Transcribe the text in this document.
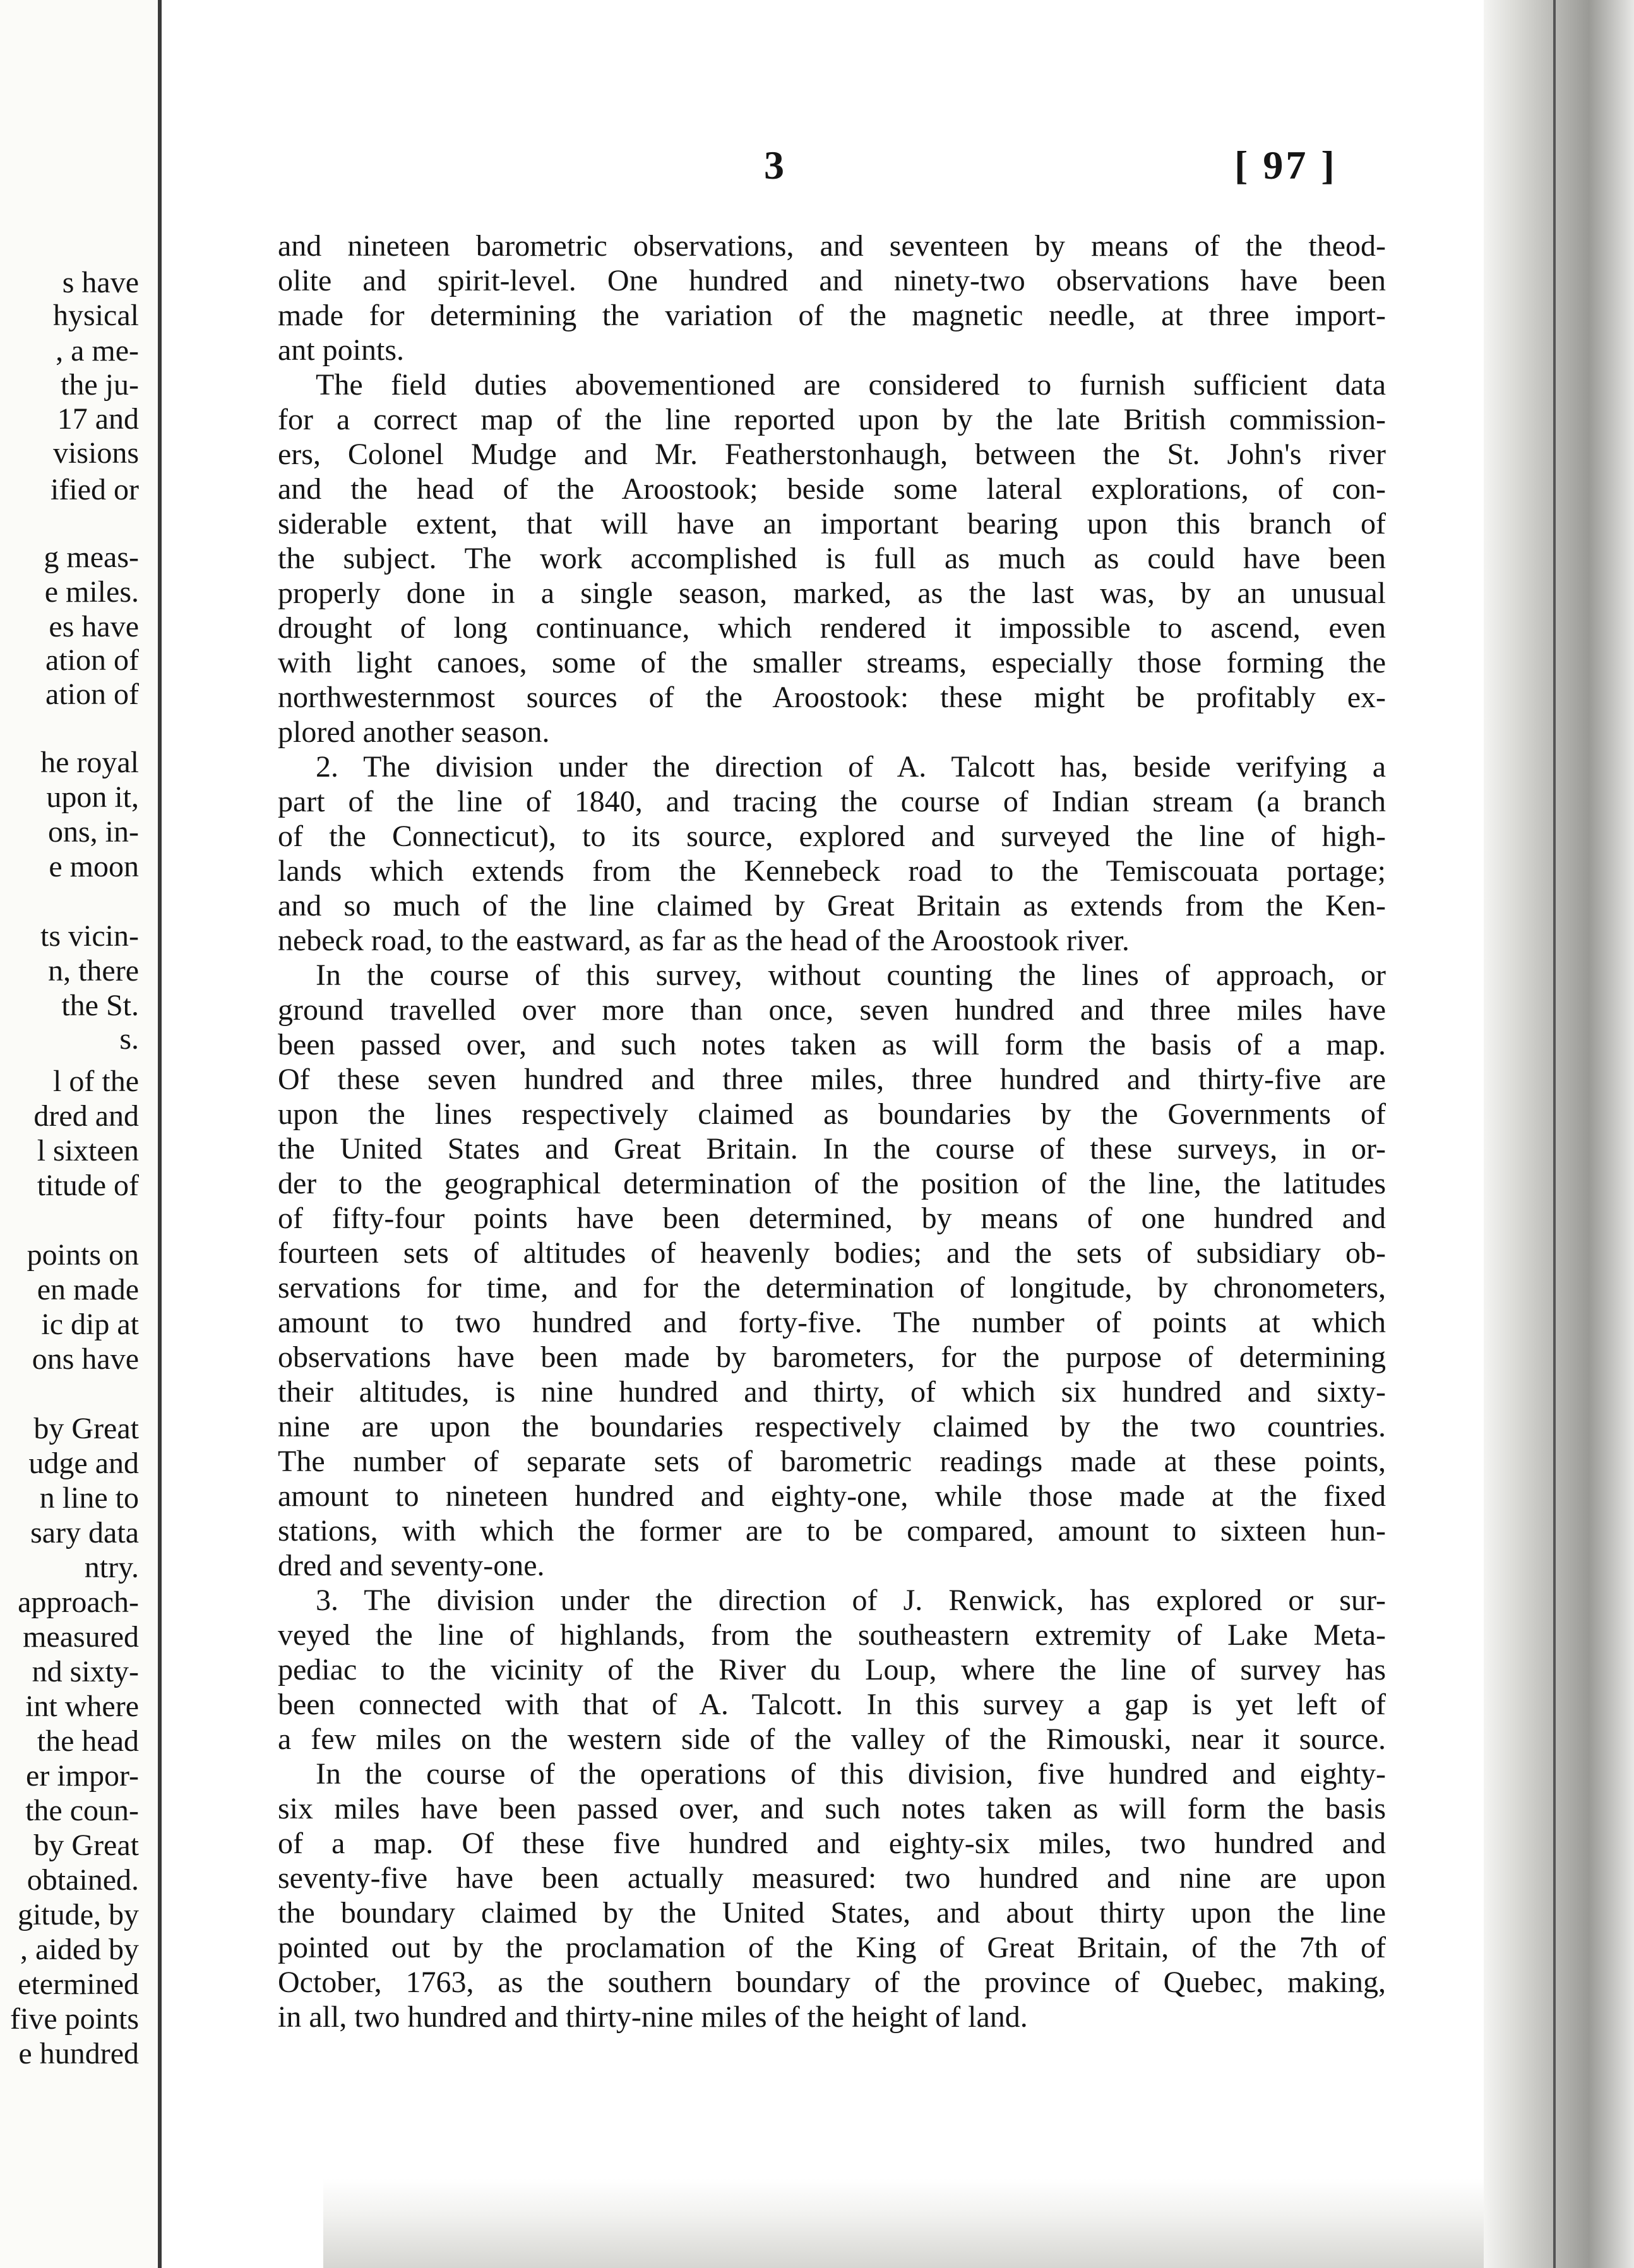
s have
hysical
, a me-
the ju-
17 and
visions
ified or
g meas-
e miles.
es have
ation of
ation of
he royal
upon it,
ons, in-
e moon
ts vicin-
n, there
the St.
s.
l of the
dred and
l sixteen
titude of
points on
en made
ic dip at
ons have
by Great
udge and
n line to
sary data
ntry.
approach-
measured
nd sixty-
int where
the head
er impor-
the coun-
by Great
obtained.
gitude, by
, aided by
etermined
five points
e hundred
3	[ 97 ]
and nineteen barometric observations, and seventeen by means of the theod-
olite and spirit-level. One hundred and ninety-two observations have been
made for determining the variation of the magnetic needle, at three import-
ant points.
The field duties abovementioned are considered to furnish sufficient data
for a correct map of the line reported upon by the late British commission-
ers, Colonel Mudge and Mr. Featherstonhaugh, between the St. John's river
and the head of the Aroostook; beside some lateral explorations, of con-
siderable extent, that will have an important bearing upon this branch of
the subject. The work accomplished is full as much as could have been
properly done in a single season, marked, as the last was, by an unusual
drought of long continuance, which rendered it impossible to ascend, even
with light canoes, some of the smaller streams, especially those forming the
northwesternmost sources of the Aroostook: these might be profitably ex-
plored another season.
2. The division under the direction of A. Talcott has, beside verifying a
part of the line of 1840, and tracing the course of Indian stream (a branch
of the Connecticut), to its source, explored and surveyed the line of high-
lands which extends from the Kennebeck road to the Temiscouata portage;
and so much of the line claimed by Great Britain as extends from the Ken-
nebeck road, to the eastward, as far as the head of the Aroostook river.
In the course of this survey, without counting the lines of approach, or
ground travelled over more than once, seven hundred and three miles have
been passed over, and such notes taken as will form the basis of a map.
Of these seven hundred and three miles, three hundred and thirty-five are
upon the lines respectively claimed as boundaries by the Governments of
the United States and Great Britain. In the course of these surveys, in or-
der to the geographical determination of the position of the line, the latitudes
of fifty-four points have been determined, by means of one hundred and
fourteen sets of altitudes of heavenly bodies; and the sets of subsidiary ob-
servations for time, and for the determination of longitude, by chronometers,
amount to two hundred and forty-five. The number of points at which
observations have been made by barometers, for the purpose of determining
their altitudes, is nine hundred and thirty, of which six hundred and sixty-
nine are upon the boundaries respectively claimed by the two countries.
The number of separate sets of barometric readings made at these points,
amount to nineteen hundred and eighty-one, while those made at the fixed
stations, with which the former are to be compared, amount to sixteen hun-
dred and seventy-one.
3. The division under the direction of J. Renwick, has explored or sur-
veyed the line of highlands, from the southeastern extremity of Lake Meta-
pediac to the vicinity of the River du Loup, where the line of survey has
been connected with that of A. Talcott. In this survey a gap is yet left of
a few miles on the western side of the valley of the Rimouski, near it source.
In the course of the operations of this division, five hundred and eighty-
six miles have been passed over, and such notes taken as will form the basis
of a map. Of these five hundred and eighty-six miles, two hundred and
seventy-five have been actually measured: two hundred and nine are upon
the boundary claimed by the United States, and about thirty upon the line
pointed out by the proclamation of the King of Great Britain, of the 7th of
October, 1763, as the southern boundary of the province of Quebec, making,
in all, two hundred and thirty-nine miles of the height of land.
